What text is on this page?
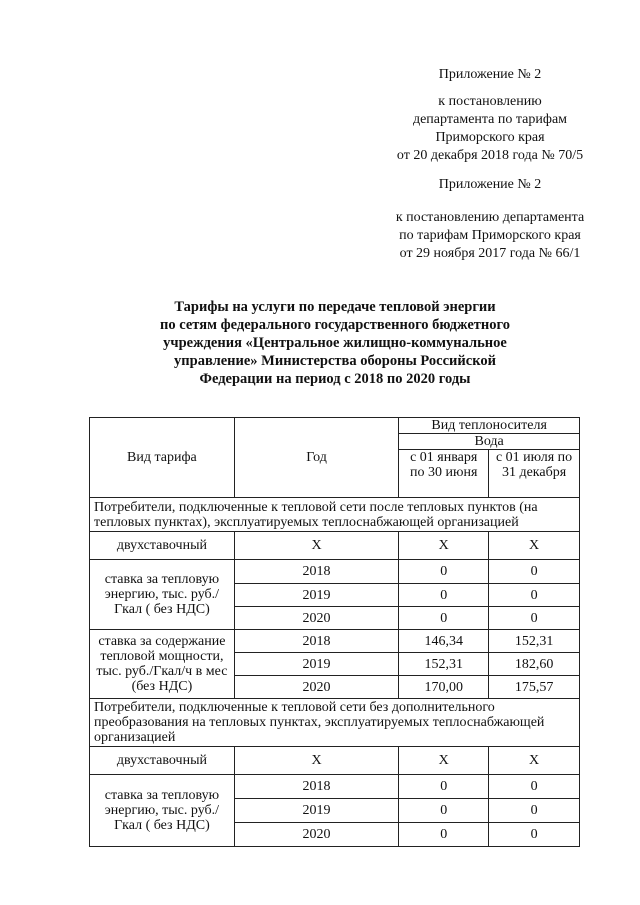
Приложение № 2
к постановлению
департамента по тарифам
Приморского края
от 20 декабря 2018 года № 70/5
Приложение № 2
к постановлению департамента
по тарифам Приморского края
от 29 ноября 2017 года № 66/1
Тарифы на услуги по передаче тепловой энергии
по сетям федерального государственного бюджетного
учреждения «Центральное жилищно-коммунальное
управление» Министерства обороны Российской
Федерации на период с 2018 по 2020 годы
Вид тарифа	Год	Вид теплоносителя	
		Вода	
		с 01 января по 30 июня	с 01 июля по 31 декабря
Потребители, подключенные к тепловой сети после тепловых пунктов (на тепловых пунктах), эксплуатируемых теплоснабжающей организацией			
двухставочный	X	X	X
ставка за тепловую энергию, тыс. руб./Гкал ( без НДС)	2018	0	0
	2019	0	0
	2020	0	0
ставка за содержание тепловой мощности, тыс. руб./Гкал/ч в мес (без НДС)	2018	146,34	152,31
	2019	152,31	182,60
	2020	170,00	175,57
Потребители, подключенные к тепловой сети без дополнительного преобразования на тепловых пунктах, эксплуатируемых теплоснабжающей организацией			
двухставочный	X	X	X
ставка за тепловую энергию, тыс. руб./Гкал ( без НДС)	2018	0	0
	2019	0	0
	2020	0	0
